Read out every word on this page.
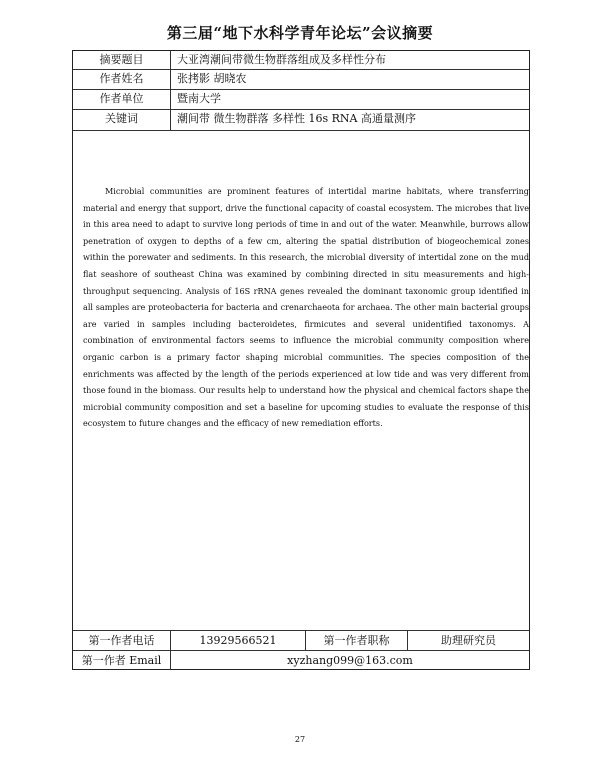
第三届“地下水科学青年论坛”会议摘要
摘要题目	大亚湾潮间带微生物群落组成及多样性分布
作者姓名	张拷影 胡晓农
作者单位	暨南大学
关键词	潮间带 微生物群落 多样性 16s RNA 高通量测序

Microbial communities are prominent features of intertidal marine habitats, where transferring material and energy that support, drive the functional capacity of coastal ecosystem. The microbes that live in this area need to adapt to survive long periods of time in and out of the water. Meanwhile, burrows allow penetration of oxygen to depths of a few cm, altering the spatial distribution of biogeochemical zones within the porewater and sediments. In this research, the microbial diversity of intertidal zone on the mud flat seashore of southeast China was examined by combining directed in situ measurements and high-throughput sequencing. Analysis of 16S rRNA genes revealed the dominant taxonomic group identified in all samples are proteobacteria for bacteria and crenarchaeota for archaea. The other main bacterial groups are varied in samples including bacteroidetes, firmicutes and several unidentified taxonomys. A combination of environmental factors seems to influence the microbial community composition where organic carbon is a primary factor shaping microbial communities. The species composition of the enrichments was affected by the length of the periods experienced at low tide and was very different from those found in the biomass. Our results help to understand how the physical and chemical factors shape the microbial community composition and set a baseline for upcoming studies to evaluate the response of this ecosystem to future changes and the efficacy of new remediation efforts.

第一作者电话	13929566521	第一作者职称	助理研究员
第一作者 Email	xyzhang099@163.com
27
